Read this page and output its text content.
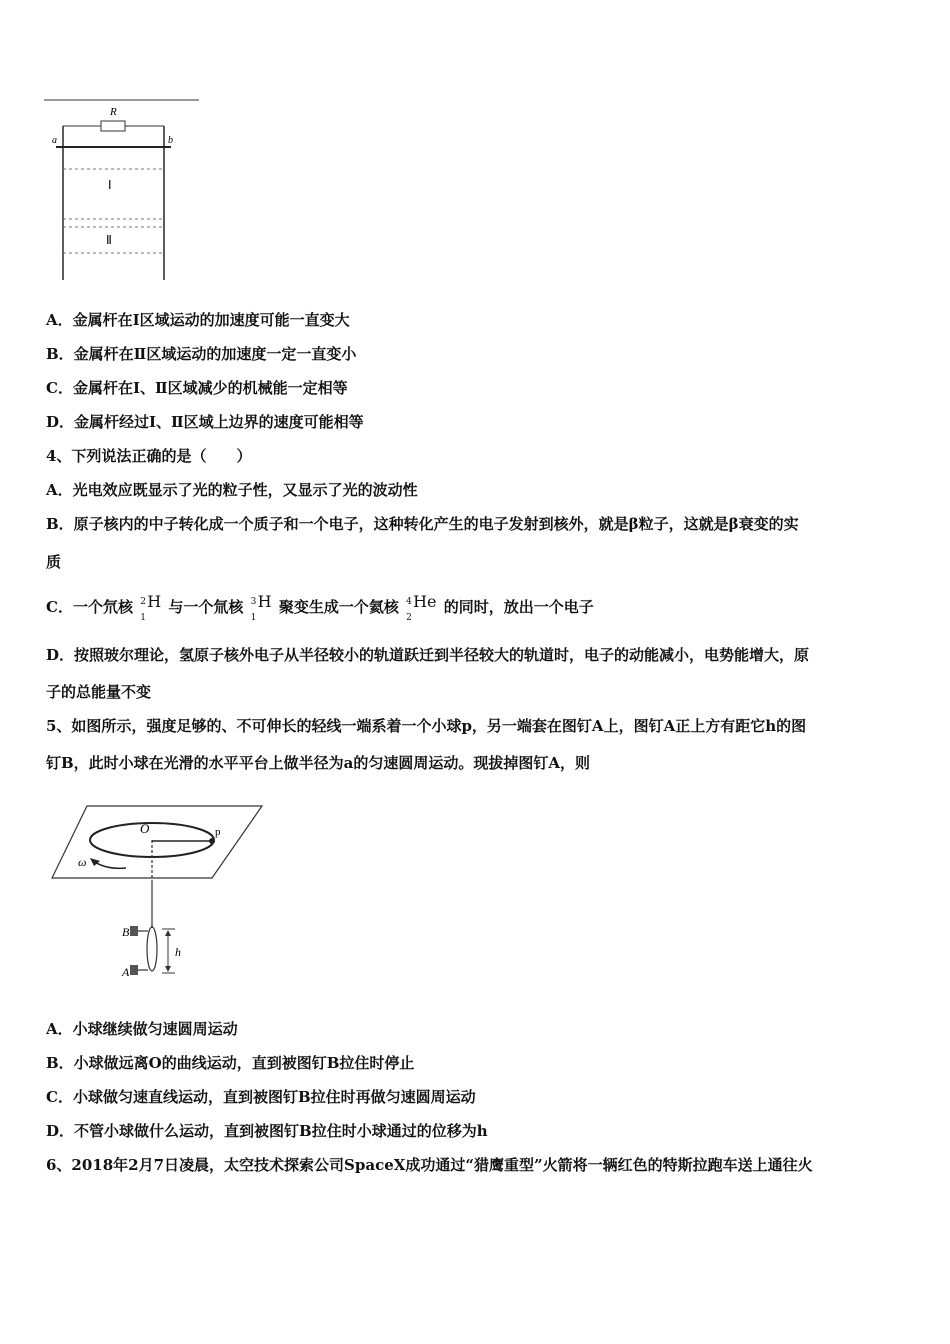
R
a	b
Ⅰ
Ⅱ
A．金属杆在Ⅰ区域运动的加速度可能一直变大
B．金属杆在Ⅱ区域运动的加速度一定一直变小
C．金属杆在Ⅰ、Ⅱ区域减少的机械能一定相等
D．金属杆经过Ⅰ、Ⅱ区域上边界的速度可能相等
4、下列说法正确的是（　　）
A．光电效应既显示了光的粒子性，又显示了光的波动性
B．原子核内的中子转化成一个质子和一个电子，这种转化产生的电子发射到核外，就是β粒子，这就是β衰变的实
质
C．一个氘核 2
1
H 与一个氚核 3
1
H 聚变生成一个氦核 4
2
He 的同时，放出一个电子
D．按照玻尔理论，氢原子核外电子从半径较小的轨道跃迁到半径较大的轨道时，电子的动能减小，电势能增大，原
子的总能量不变
5、如图所示，强度足够的、不可伸长的轻线一端系着一个小球p，另一端套在图钉A上，图钉A正上方有距它h的图
钉B，此时小球在光滑的水平平台上做半径为a的匀速圆周运动。现拔掉图钉A，则
O	p
ω
B
A
h
A．小球继续做匀速圆周运动
B．小球做远离O的曲线运动，直到被图钉B拉住时停止
C．小球做匀速直线运动，直到被图钉B拉住时再做匀速圆周运动
D．不管小球做什么运动，直到被图钉B拉住时小球通过的位移为h
6、2018年2月7日凌晨，太空技术探索公司SpaceX成功通过“猎鹰重型”火箭将一辆红色的特斯拉跑车送上通往火
